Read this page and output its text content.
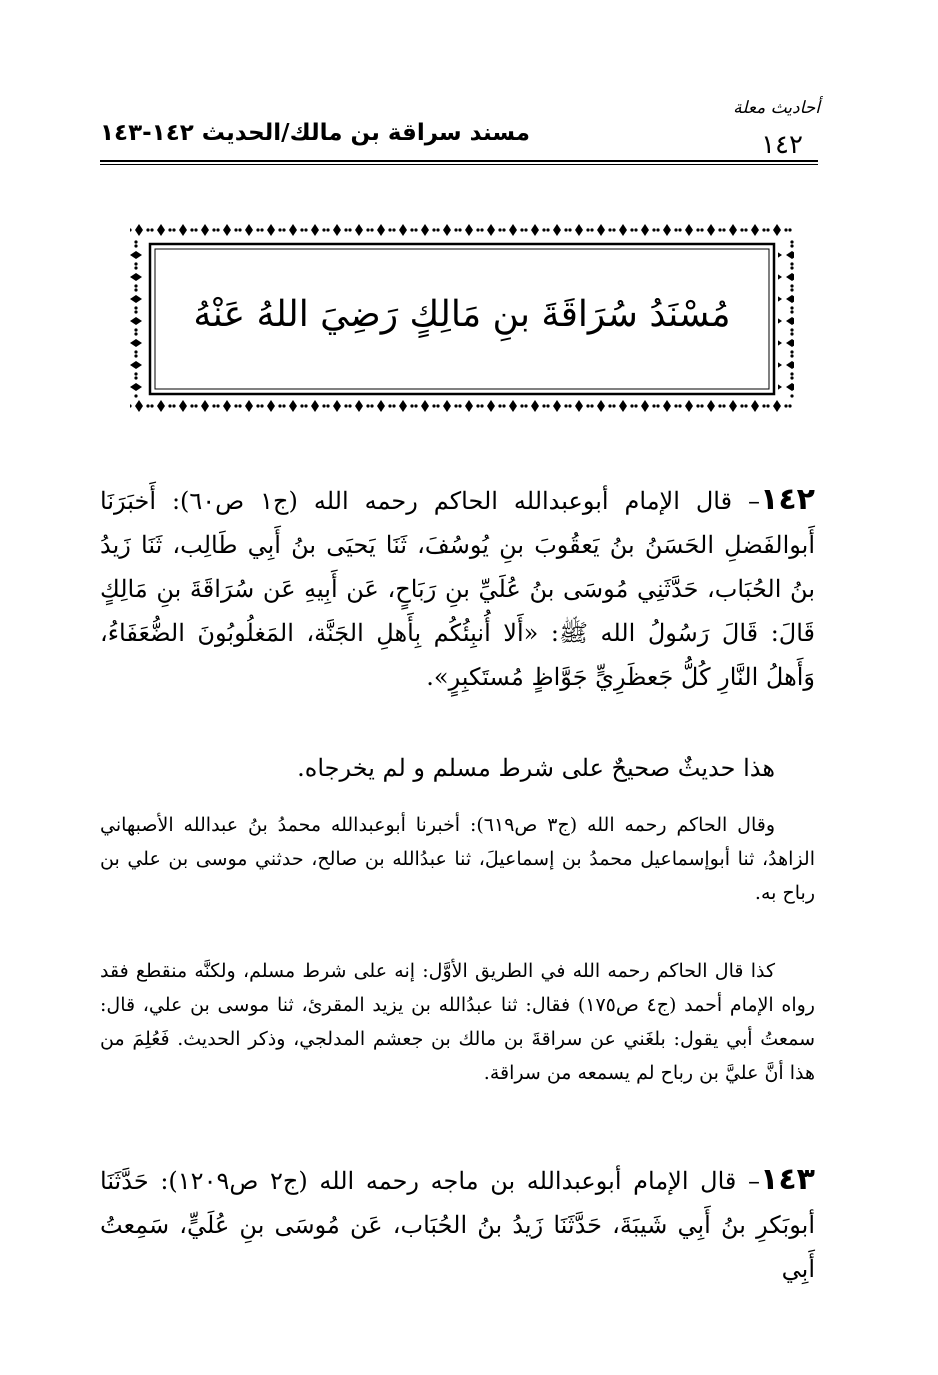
أحاديث معلة
١٤٢
مسند سراقة بن مالك/الحديث ١٤٢-١٤٣
مُسْنَدُ سُرَاقَةَ بنِ مَالِكٍ رَضِيَ اللهُ عَنْهُ
١٤٢– قال الإمام أبوعبدالله الحاكم رحمه الله (ج١ ص٦٠): أَخبَرَنَا أَبوالفَضلِ الحَسَنُ بنُ يَعقُوبَ بنِ يُوسُفَ، ثَنَا يَحيَى بنُ أَبِي طَالِب، ثَنَا زَيدُ بنُ الحُبَاب، حَدَّثَنِي مُوسَى بنُ عُلَيِّ بنِ رَبَاحٍ، عَن أَبِيهِ عَن سُرَاقَةَ بنِ مَالِكٍ قَالَ: قَالَ رَسُولُ الله ﷺ: «أَلا أُنبِئُكُم بِأَهلِ الجَنَّة، المَغلُوبُونَ الضُّعَفَاءُ، وَأَهلُ النَّارِ كُلُّ جَعظَرِيٍّ جَوَّاظٍ مُستَكبِرٍ».
هذا حديثٌ صحيحٌ على شرط مسلم و لم يخرجاه.
وقال الحاكم رحمه الله (ج٣ ص٦١٩): أخبرنا أبوعبدالله محمدُ بنُ عبدالله الأصبهاني الزاهدُ، ثنا أبوإسماعيل محمدُ بن إسماعيلَ، ثنا عبدُالله بن صالح، حدثني موسى بن علي بن رباح به.
كذا قال الحاكم رحمه الله في الطريق الأوَّل: إنه على شرط مسلم، ولكنَّه منقطع فقد رواه الإمام أحمد (ج٤ ص١٧٥) فقال: ثنا عبدُالله بن يزيد المقرئ، ثنا موسى بن علي، قال: سمعتُ أبي يقول: بلغَني عن سراقةَ بن مالك بن جعشم المدلجي، وذكر الحديث. فَعُلِمَ من هذا أنَّ عليَّ بن رباح لم يسمعه من سراقة.
١٤٣– قال الإمام أبوعبدالله بن ماجه رحمه الله (ج٢ ص١٢٠٩): حَدَّثَنَا أبوبَكرِ بنُ أَبِي شَيبَةَ، حَدَّثَنَا زَيدُ بنُ الحُبَاب، عَن مُوسَى بنِ عُلَيٍّ، سَمِعتُ أَبِي
